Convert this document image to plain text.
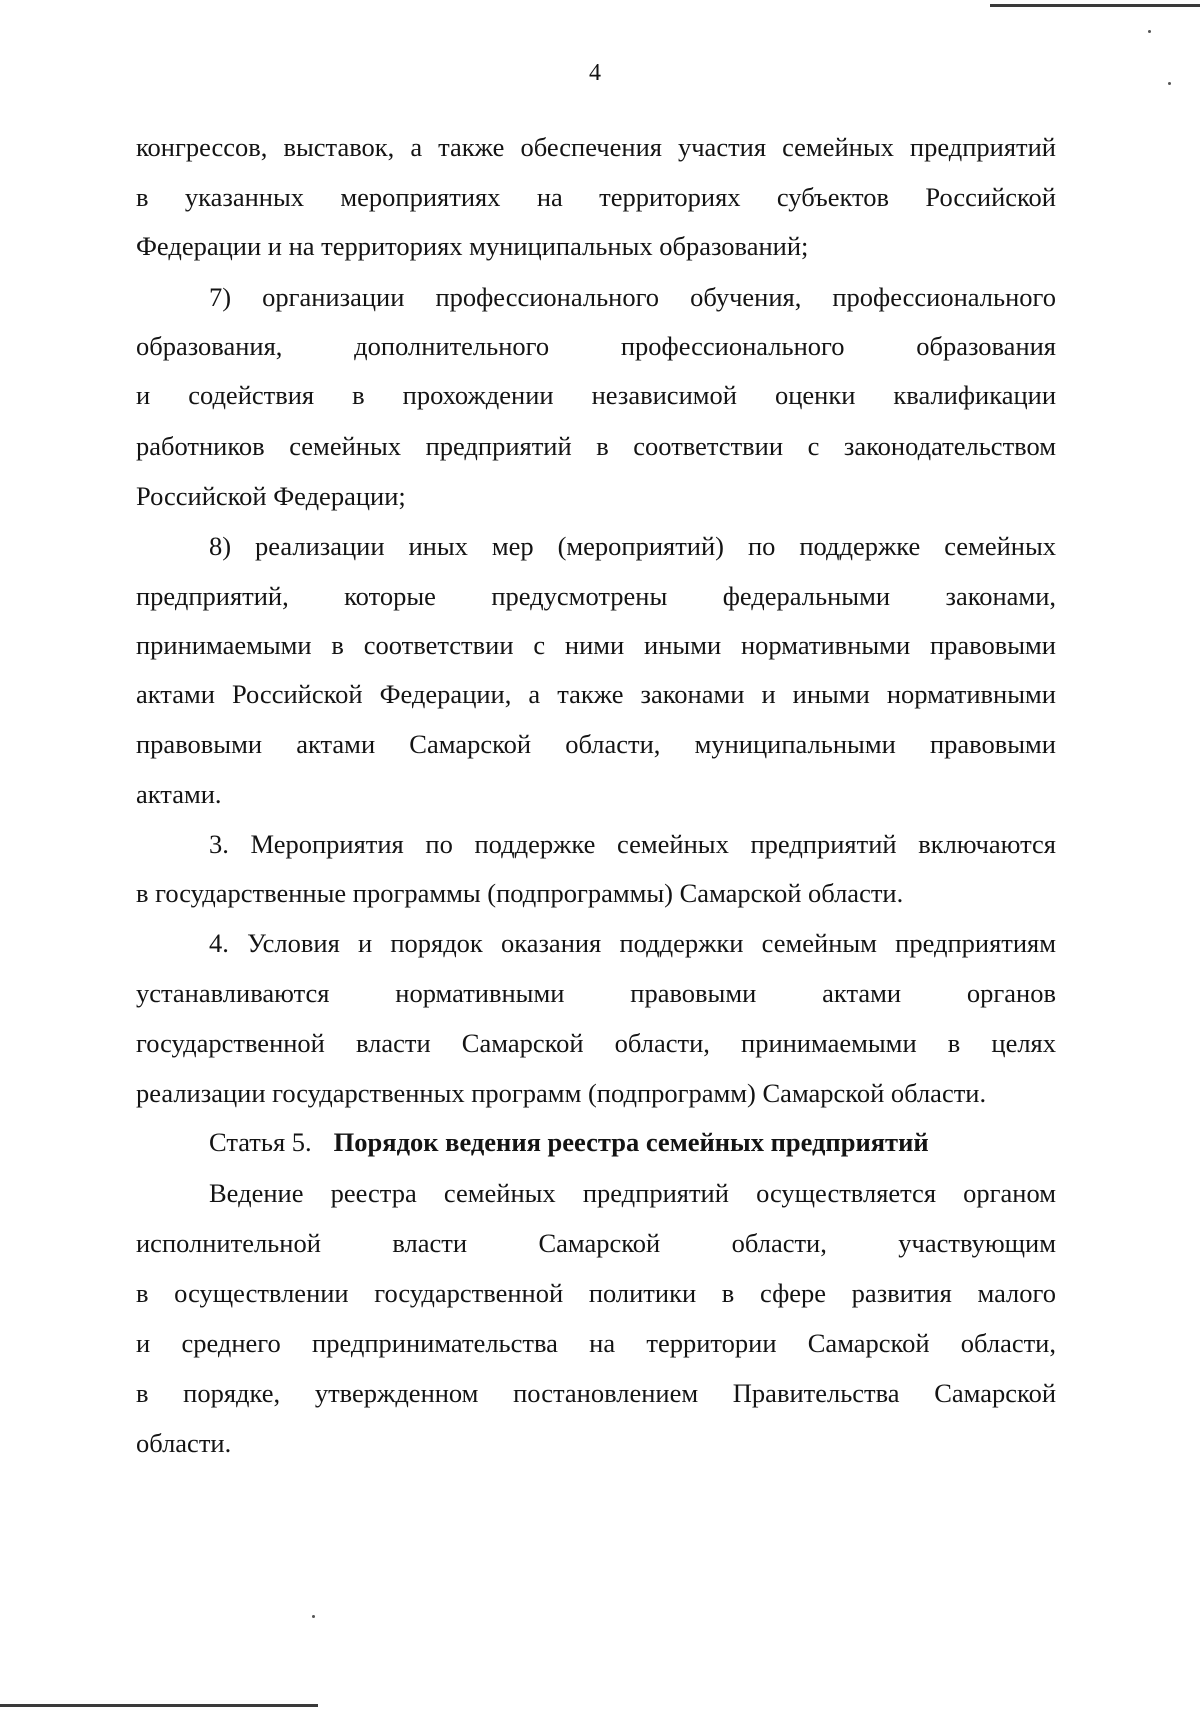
4
конгрессов, выставок, а также обеспечения участия семейных предприятий
в указанных мероприятиях на территориях субъектов Российской
Федерации и на территориях муниципальных образований;
7) организации профессионального обучения, профессионального
образования, дополнительного профессионального образования
и содействия в прохождении независимой оценки квалификации
работников семейных предприятий в соответствии с законодательством
Российской Федерации;
8) реализации иных мер (мероприятий) по поддержке семейных
предприятий, которые предусмотрены федеральными законами,
принимаемыми в соответствии с ними иными нормативными правовыми
актами Российской Федерации, а также законами и иными нормативными
правовыми актами Самарской области, муниципальными правовыми
актами.
3. Мероприятия по поддержке семейных предприятий включаются
в государственные программы (подпрограммы) Самарской области.
4. Условия и порядок оказания поддержки семейным предприятиям
устанавливаются нормативными правовыми актами органов
государственной власти Самарской области, принимаемыми в целях
реализации государственных программ (подпрограмм) Самарской области.
Статья 5. Порядок ведения реестра семейных предприятий
Ведение реестра семейных предприятий осуществляется органом
исполнительной власти Самарской области, участвующим
в осуществлении государственной политики в сфере развития малого
и среднего предпринимательства на территории Самарской области,
в порядке, утвержденном постановлением Правительства Самарской
области.
